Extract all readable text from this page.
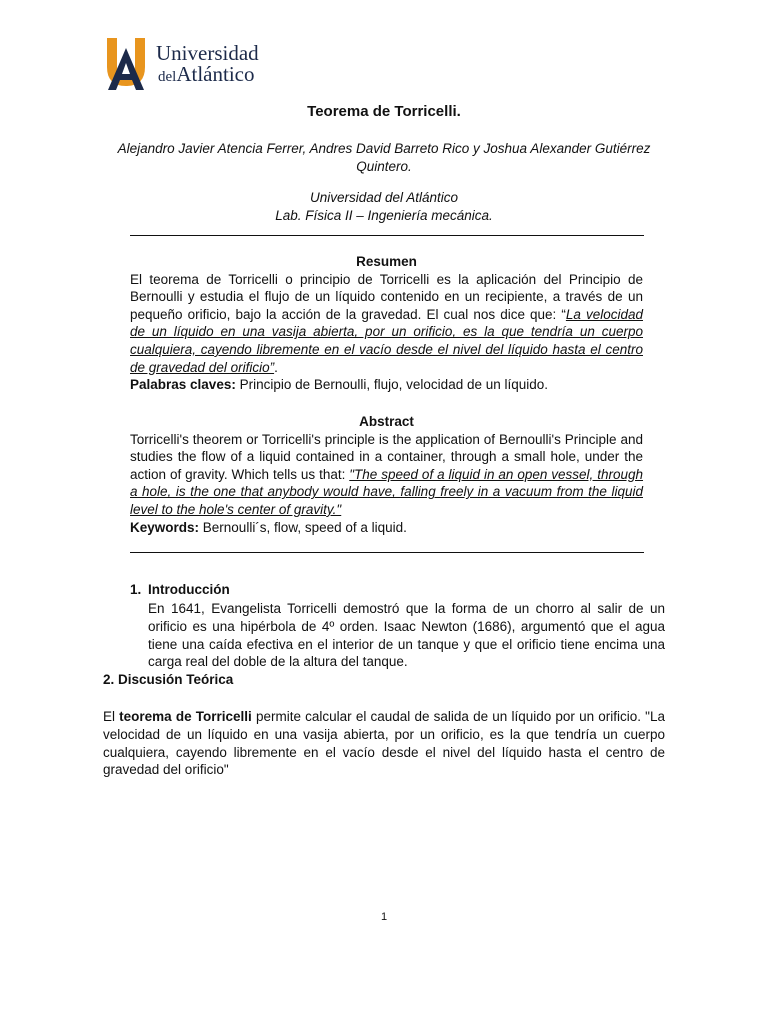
Universidad
delAtlántico
Teorema de Torricelli.
Alejandro Javier Atencia Ferrer, Andres David Barreto Rico y Joshua Alexander Gutiérrez Quintero.
Universidad del Atlántico
Lab. Física II – Ingeniería mecánica.
Resumen
El teorema de Torricelli o principio de Torricelli es la aplicación del Principio de Bernoulli y estudia el flujo de un líquido contenido en un recipiente, a través de un pequeño orificio, bajo la acción de la gravedad. El cual nos dice que: “La velocidad de un líquido en una vasija abierta, por un orificio, es la que tendría un cuerpo cualquiera, cayendo libremente en el vacío desde el nivel del líquido hasta el centro de gravedad del orificio”.
Palabras claves: Principio de Bernoulli, flujo, velocidad de un líquido.
Abstract
Torricelli's theorem or Torricelli's principle is the application of Bernoulli's Principle and studies the flow of a liquid contained in a container, through a small hole, under the action of gravity. Which tells us that: "The speed of a liquid in an open vessel, through a hole, is the one that anybody would have, falling freely in a vacuum from the liquid level to the hole's center of gravity."
Keywords: Bernoulli´s, flow, speed of a liquid.
1. Introducción
En 1641, Evangelista Torricelli demostró que la forma de un chorro al salir de un orificio es una hipérbola de 4º orden. Isaac Newton (1686), argumentó que el agua tiene una caída efectiva en el interior de un tanque y que el orificio tiene encima una carga real del doble de la altura del tanque.
2. Discusión Teórica
El teorema de Torricelli permite calcular el caudal de salida de un líquido por un orificio. "La velocidad de un líquido en una vasija abierta, por un orificio, es la que tendría un cuerpo cualquiera, cayendo libremente en el vacío desde el nivel del líquido hasta el centro de gravedad del orificio"
1
